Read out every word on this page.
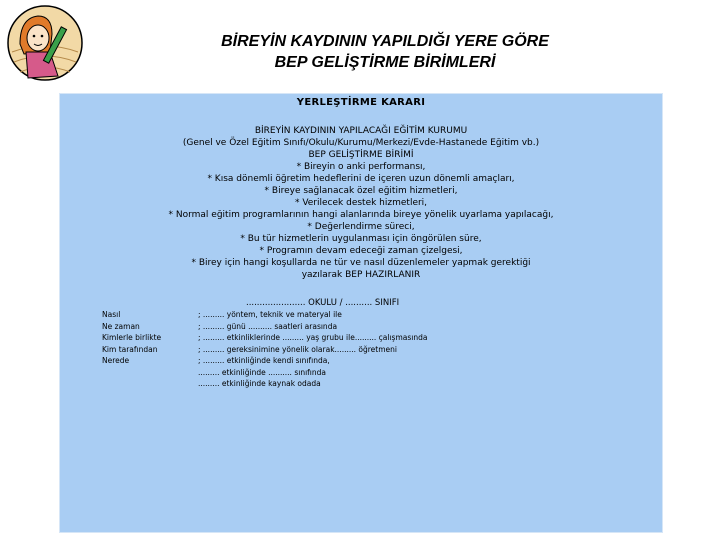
BİREYİN KAYDININ YAPILDIĞI YERE GÖRE
BEP GELİŞTİRME BİRİMLERİ
YERLEŞTİRME KARARI
BİREYİN KAYDININ YAPILACAĞI EĞİTİM KURUMU
(Genel ve Özel Eğitim Sınıfı/Okulu/Kurumu/Merkezi/Evde-Hastanede Eğitim vb.)
BEP GELİŞTİRME BİRİMİ
* Bireyin o anki performansı,
* Kısa dönemli öğretim hedeflerini de içeren uzun dönemli amaçları,
* Bireye sağlanacak özel eğitim hizmetleri,
* Verilecek destek hizmetleri,
* Normal eğitim programlarının hangi alanlarında bireye yönelik uyarlama yapılacağı,
* Değerlendirme süreci,
* Bu tür hizmetlerin uygulanması için öngörülen süre,
* Programın devam edeceği zaman çizelgesi,
* Birey için hangi koşullarda ne tür ve nasıl düzenlemeler yapmak gerektiği
yazılarak BEP HAZIRLANIR
...................... OKULU / .......... SINIFI
Nasıl
Ne zaman
Kimlerle birlikte
Kim tarafından
Nerede
; ......... yöntem, teknik ve materyal ile
; ......... günü .......... saatleri arasında
; ......... etkinliklerinde ......... yaş grubu ile......... çalışmasında
; ......... gereksinimine yönelik olarak......... öğretmeni
; ......... etkinliğinde kendi sınıfında,
......... etkinliğinde .......... sınıfında
......... etkinliğinde kaynak odada
